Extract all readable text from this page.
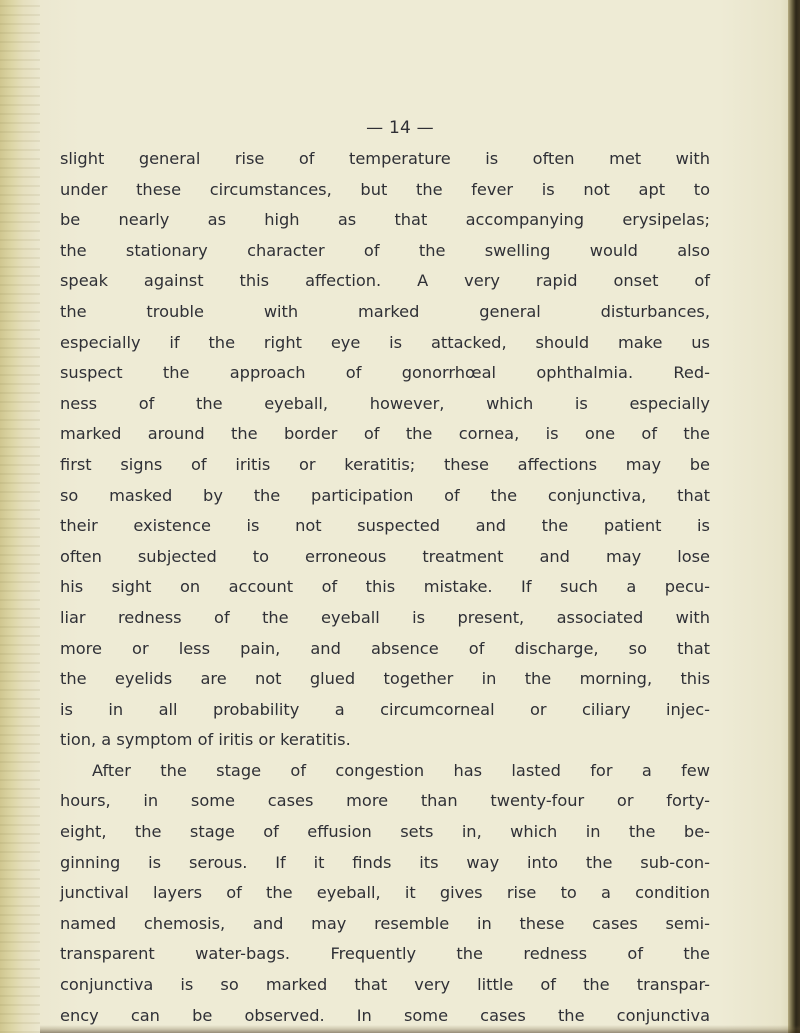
— 14 —
slight general rise of temperature is often met with
under these circumstances, but the fever is not apt to
be nearly as high as that accompanying erysipelas;
the stationary character of the swelling would also
speak against this affection. A very rapid onset of
the trouble with marked general disturbances,
especially if the right eye is attacked, should make us
suspect the approach of gonorrhœal ophthalmia. Red-
ness of the eyeball, however, which is especially
marked around the border of the cornea, is one of the
first signs of iritis or keratitis; these affections may be
so masked by the participation of the conjunctiva, that
their existence is not suspected and the patient is
often subjected to erroneous treatment and may lose
his sight on account of this mistake. If such a pecu-
liar redness of the eyeball is present, associated with
more or less pain, and absence of discharge, so that
the eyelids are not glued together in the morning, this
is in all probability a circumcorneal or ciliary injec-
tion, a symptom of iritis or keratitis.
After the stage of congestion has lasted for a few
hours, in some cases more than twenty-four or forty-
eight, the stage of effusion sets in, which in the be-
ginning is serous. If it finds its way into the sub-con-
junctival layers of the eyeball, it gives rise to a condition
named chemosis, and may resemble in these cases semi-
transparent water-bags. Frequently the redness of the
conjunctiva is so marked that very little of the transpar-
ency can be observed. In some cases the conjunctiva
